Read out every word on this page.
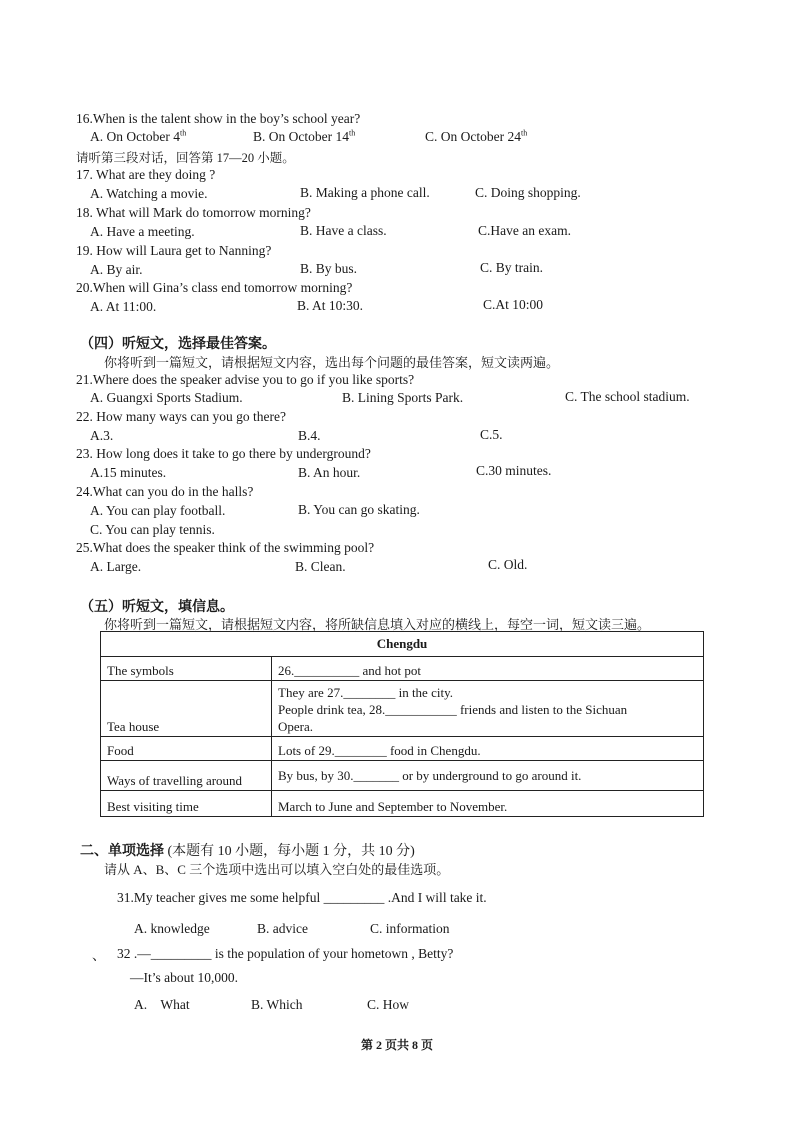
16.When is the talent show in the boy’s school year?
A. On October 4th	B. On October 14th	C. On October 24th
请听第三段对话，回答第 17—20 小题。
17. What are they doing ?
A. Watching a movie.	B. Making a phone call.	C. Doing shopping.
18. What will Mark do tomorrow morning?
A. Have a meeting.	B. Have a class.	C.Have an exam.
19. How will Laura get to Nanning?
A. By air.	B. By bus.	C. By train.
20.When will Gina’s class end tomorrow morning?
A. At 11:00.	B. At 10:30.	C.At 10:00
（四）听短文，选择最佳答案。
你将听到一篇短文，请根据短文内容，选出每个问题的最佳答案，短文读两遍。
21.Where does the speaker advise you to go if you like sports?
A. Guangxi Sports Stadium.	B. Lining Sports Park.	C. The school stadium.
22. How many ways can you go there?
A.3.	B.4.	C.5.
23. How long does it take to go there by underground?
A.15 minutes.	B. An hour.	C.30 minutes.
24.What can you do in the halls?
A. You can play football.	B. You can go skating.
C. You can play tennis.
25.What does the speaker think of the swimming pool?
A. Large.	B. Clean.	C. Old.
（五）听短文，填信息。
你将听到一篇短文，请根据短文内容，将所缺信息填入对应的横线上，每空一词，短文读三遍。
Chengdu	
The symbols	26.__________ and hot pot
Tea house	They are 27.________ in the city.
People drink tea, 28.___________ friends and listen to the Sichuan
Opera.

Food	Lots of 29.________ food in Chengdu.
Ways of travelling around	By bus, by 30._______ or by underground to go around it.
Best visiting time	March to June and September to November.
二、单项选择 (本题有 10 小题，每小题 1 分，共 10 分)
请从 A、B、C 三个选项中选出可以填入空白处的最佳选项。
31.My teacher gives me some helpful _________ .And I will take it.
A. knowledge	B. advice	C. information
、 32 .—_________ is the population of your hometown , Betty?
—It’s about 10,000.
A.    What	B. Which	C. How
第 2 页共 8 页
